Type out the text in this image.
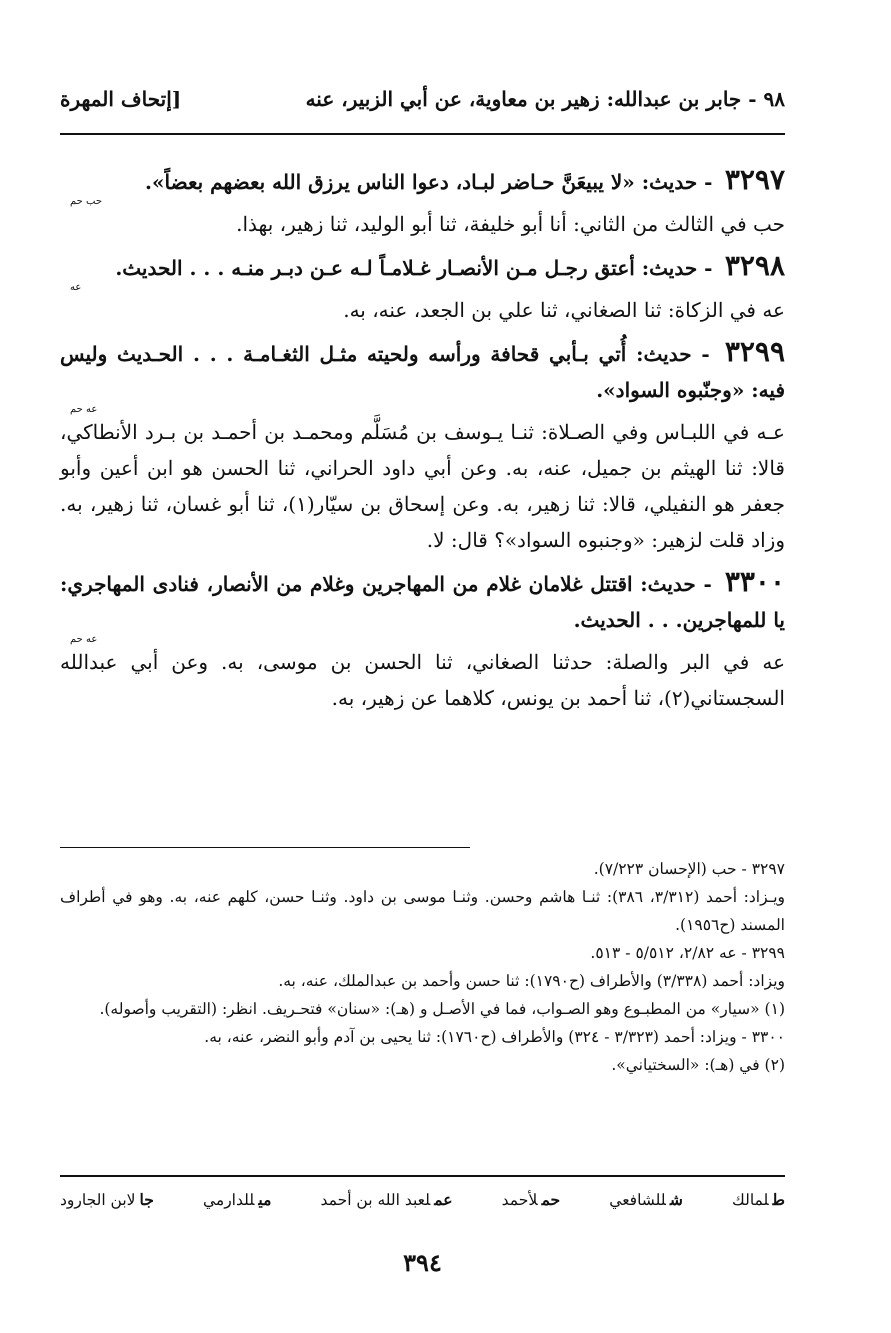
٩٨ - جابر بن عبدالله: زهير بن معاوية، عن أبي الزبير، عنه
[إتحاف المهرة
٣٢٩٧ - حديث: «لا يبيعَنَّ حـاضر لبـاد، دعوا الناس يرزق الله بعضهم بعضاً».
حب حم
حب في الثالث من الثاني: أنا أبو خليفة، ثنا أبو الوليد، ثنا زهير، بهذا.
٣٢٩٨ - حديث: أعتق رجـل مـن الأنصـار غـلامـاً لـه عـن دبـر منـه . . . الحديث.
عه
عه في الزكاة: ثنا الصغاني، ثنا علي بن الجعد، عنه، به.
٣٢٩٩ - حديث: أُتي بـأبي قحافة ورأسه ولحيته مثـل الثغـامـة . . . الحـديث وليس فيه: «وجنّبوه السواد».
عه حم
عـه في اللبـاس وفي الصـلاة: ثنـا يـوسف بن مُسَلَّم ومحمـد بن أحمـد بن بـرد الأنطاكي، قالا: ثنا الهيثم بن جميل، عنه، به. وعن أبي داود الحراني، ثنا الحسن هو ابن أعين وأبو جعفر هو النفيلي، قالا: ثنا زهير، به. وعن إسحاق بن سيّار(١)، ثنا أبو غسان، ثنا زهير، به. وزاد قلت لزهير: «وجنبوه السواد»؟ قال: لا.
٣٣٠٠ - حديث: اقتتل غلامان غلام من المهاجرين وغلام من الأنصار، فنادى المهاجري: يا للمهاجرين. . . الحديث.
عه حم
عه في البر والصلة: حدثنا الصغاني، ثنا الحسن بن موسى، به. وعن أبي عبدالله السجستاني(٢)، ثنا أحمد بن يونس، كلاهما عن زهير، به.

٣٢٩٧ - حب (الإحسان ٧/٢٢٣).

ويـزاد: أحمد (٣/٣١٢، ٣٨٦): ثنـا هاشم وحسن. وثنـا موسى بن داود. وثنـا حسن، كلهم عنه، به. وهو في أطراف المسند (ح١٩٥٦).

٣٢٩٩ - عه ٢/٨٢، ٥/٥١٢ - ٥١٣.

ويزاد: أحمد (٣/٣٣٨) والأطراف (ح١٧٩٠): ثنا حسن وأحمد بن عبدالملك، عنه، به.

(١) «سيار» من المطبـوع وهو الصـواب، فما في الأصـل و (هـ): «سنان» فتحـريف. انظر: (التقريب وأصوله).

٣٣٠٠ - ويزاد: أحمد (٣/٣٢٣ - ٣٢٤) والأطراف (ح١٧٦٠): ثنا يحيى بن آدم وأبو النضر، عنه، به.

(٢) في (هـ): «السختياني».

طلمالك
شللشافعي
حملأحمد
عملعبد الله بن أحمد
ميللدارمي
جالابن الجارود
٣٩٤
